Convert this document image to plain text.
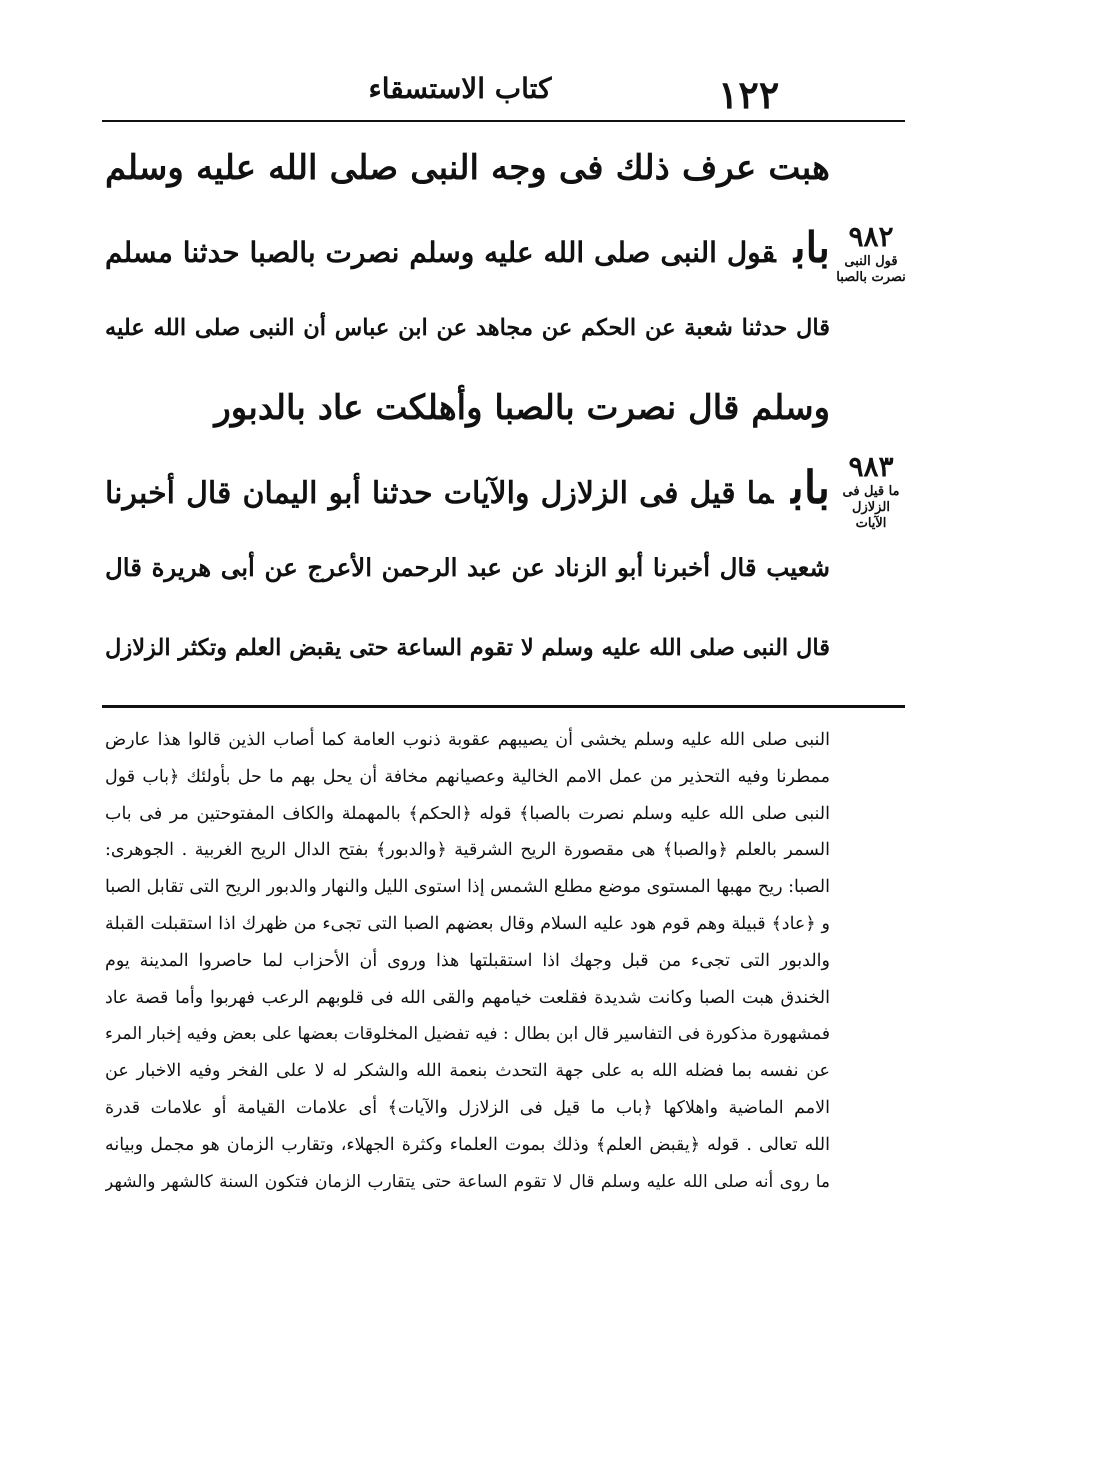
١٢٢
كتاب الاستسقاء
هبت عرف ذلك فى وجه النبى صلى الله عليه وسلم
بابقول النبى صلى الله عليه وسلم نصرت بالصبا حدثنا مسلم
قال حدثنا شعبة عن الحكم عن مجاهد عن ابن عباس أن النبى صلى الله عليه
وسلم قال نصرت بالصبا وأهلكت عاد بالدبور
بابما قيل فى الزلازل والآيات حدثنا أبو اليمان قال أخبرنا
شعيب قال أخبرنا أبو الزناد عن عبد الرحمن الأعرج عن أبى هريرة قال
قال النبى صلى الله عليه وسلم لا تقوم الساعة حتى يقبض العلم وتكثر الزلازل
٩٨٢
قول النبى
نصرت بالصبا
٩٨٣
ما قيل فى
الزلازل
الآيات
النبى صلى الله عليه وسلم يخشى أن يصيبهم عقوبة ذنوب العامة كما أصاب الذين قالوا هذا عارض
ممطرنا وفيه التحذير من عمل الامم الخالية وعصيانهم مخافة أن يحل بهم ما حل بأولئك ﴿باب قول
النبى صلى الله عليه وسلم نصرت بالصبا﴾ قوله ﴿الحكم﴾ بالمهملة والكاف المفتوحتين مر فى باب
السمر بالعلم ﴿والصبا﴾ هى مقصورة الريح الشرقية ﴿والدبور﴾ بفتح الدال الريح الغربية . الجوهرى:
الصبا: ريح مهبها المستوى موضع مطلع الشمس إذا استوى الليل والنهار والدبور الريح التى تقابل الصبا
و ﴿عاد﴾ قبيلة وهم قوم هود عليه السلام وقال بعضهم الصبا التى تجىء من ظهرك اذا استقبلت القبلة
والدبور التى تجىء من قبل وجهك اذا استقبلتها هذا وروى أن الأحزاب لما حاصروا المدينة يوم
الخندق هبت الصبا وكانت شديدة فقلعت خيامهم والقى الله فى قلوبهم الرعب فهربوا وأما قصة عاد
فمشهورة مذكورة فى التفاسير قال ابن بطال : فيه تفضيل المخلوقات بعضها على بعض وفيه إخبار المرء
عن نفسه بما فضله الله به على جهة التحدث بنعمة الله والشكر له لا على الفخر وفيه الاخبار عن
الامم الماضية واهلاكها ﴿باب ما قيل فى الزلازل والآيات﴾ أى علامات القيامة أو علامات قدرة
الله تعالى . قوله ﴿يقبض العلم﴾ وذلك بموت العلماء وكثرة الجهلاء، وتقارب الزمان هو مجمل وبيانه
ما روى أنه صلى الله عليه وسلم قال لا تقوم الساعة حتى يتقارب الزمان فتكون السنة كالشهر والشهر
